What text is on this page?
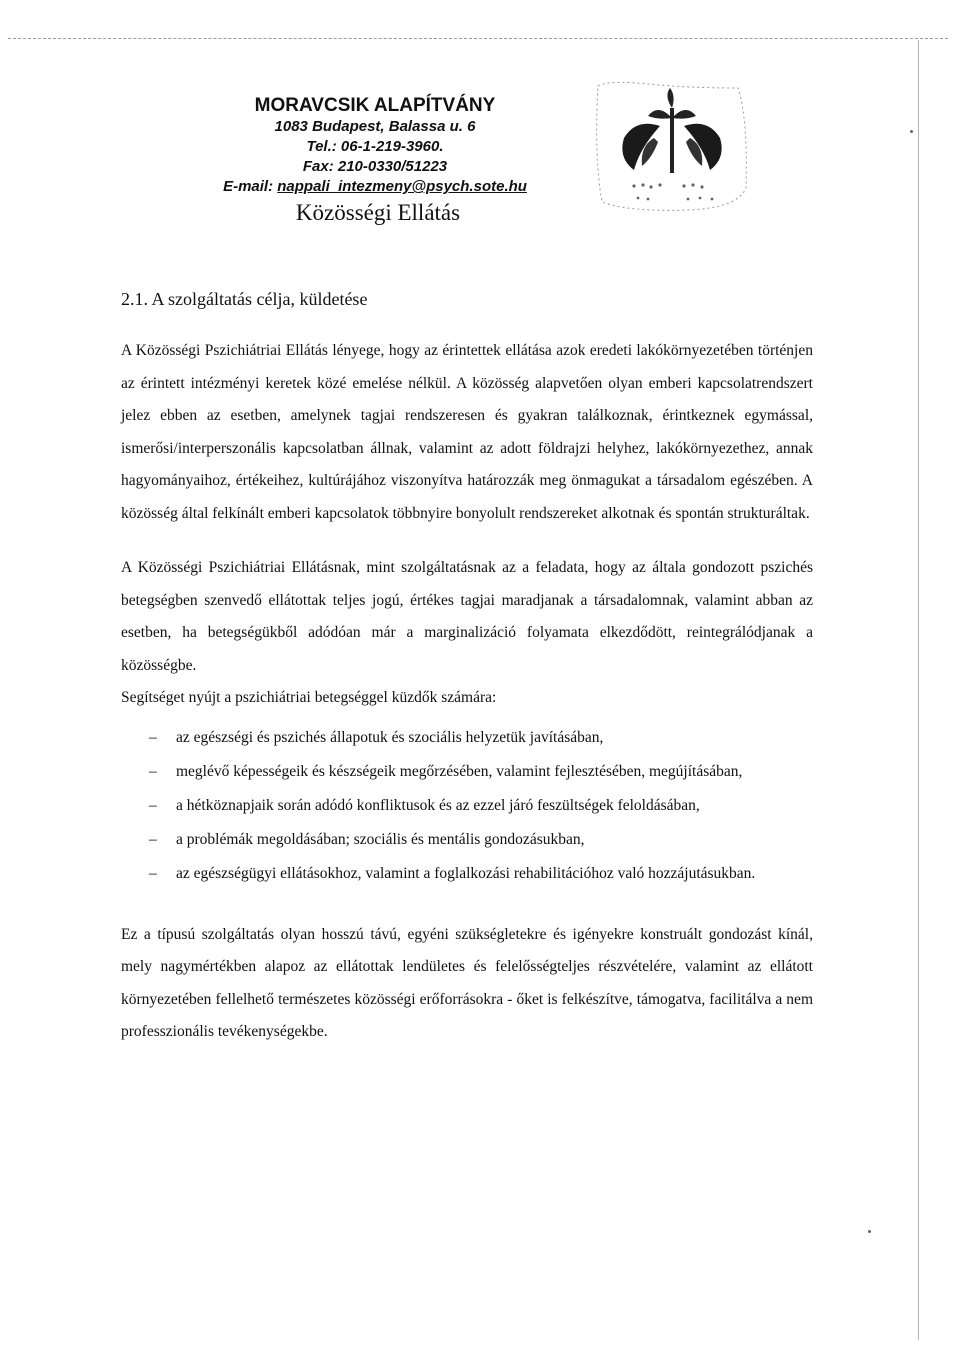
MORAVCSIK ALAPÍTVÁNY
1083 Budapest, Balassa u. 6
Tel.: 06-1-219-3960.
Fax: 210-0330/51223
E-mail: nappali_intezmeny@psych.sote.hu
Közösségi Ellátás
2.1. A szolgáltatás célja, küldetése

A Közösségi Pszichiátriai Ellátás lényege, hogy az érintettek ellátása azok eredeti lakókörnyezetében történjen az érintett intézményi keretek közé emelése nélkül. A közösség alapvetően olyan emberi kapcsolatrendszert jelez ebben az esetben, amelynek tagjai rendszeresen és gyakran találkoznak, érintkeznek egymással, ismerősi/interperszonális kapcsolatban állnak, valamint az adott földrajzi helyhez, lakókörnyezethez, annak hagyományaihoz, értékeihez, kultúrájához viszonyítva határozzák meg önmagukat a társadalom egészében. A közösség által felkínált emberi kapcsolatok többnyire bonyolult rendszereket alkotnak és spontán strukturáltak.

A Közösségi Pszichiátriai Ellátásnak, mint szolgáltatásnak az a feladata, hogy az általa gondozott pszichés betegségben szenvedő ellátottak teljes jogú, értékes tagjai maradjanak a társadalomnak, valamint abban az esetben, ha betegségükből adódóan már a marginalizáció folyamata elkezdődött, reintegrálódjanak a közösségbe.

Segítséget nyújt a pszichiátriai betegséggel küzdők számára:

– az egészségi és pszichés állapotuk és szociális helyzetük javításában,
– meglévő képességeik és készségeik megőrzésében, valamint fejlesztésében, megújításában,
– a hétköznapjaik során adódó konfliktusok és az ezzel járó feszültségek feloldásában,
– a problémák megoldásában; szociális és mentális gondozásukban,
– az egészségügyi ellátásokhoz, valamint a foglalkozási rehabilitációhoz való hozzájutásukban.

Ez a típusú szolgáltatás olyan hosszú távú, egyéni szükségletekre és igényekre konstruált gondozást kínál, mely nagymértékben alapoz az ellátottak lendületes és felelősségteljes részvételére, valamint az ellátott környezetében fellelhető természetes közösségi erőforrásokra - őket is felkészítve, támogatva, facilitálva a nem professzionális tevékenységekbe.
